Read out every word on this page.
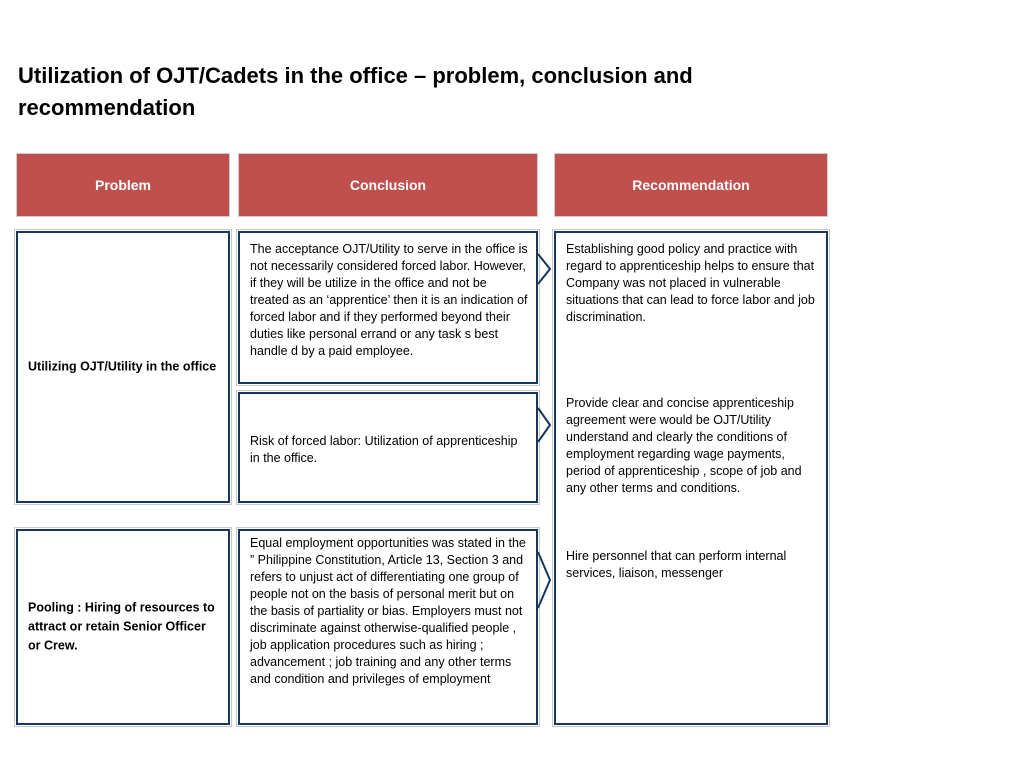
Utilization of OJT/Cadets in the office – problem, conclusion and recommendation
Problem	Conclusion	Recommendation
Utilizing OJT/Utility in the office
Pooling : Hiring of resources to attract or retain Senior Officer or Crew.
The acceptance OJT/Utility to serve in the office is not necessarily considered forced labor. However, if they will be utilize in the office and not be treated as an ‘apprentice’ then it is an indication of forced labor and if they performed beyond their duties like personal errand or any task s best handle d by a paid employee.
Risk of forced labor: Utilization of apprenticeship in the office.
Equal employment opportunities was stated in the ” Philippine Constitution, Article 13, Section 3 and refers to unjust act of differentiating one group of people not on the basis of personal merit but on the basis of partiality or bias. Employers must not discriminate against otherwise-qualified people , job application procedures such as hiring ; advancement ; job training and any other terms and condition and privileges of employment
Establishing good policy and practice with regard to apprenticeship helps to ensure that Company was not placed in vulnerable situations that can lead to force labor and job discrimination.
Provide clear and concise apprenticeship agreement were would be OJT/Utility understand and clearly the conditions of employment regarding wage payments, period of apprenticeship , scope of job and any other terms and conditions.
Hire personnel that can perform internal services, liaison, messenger
